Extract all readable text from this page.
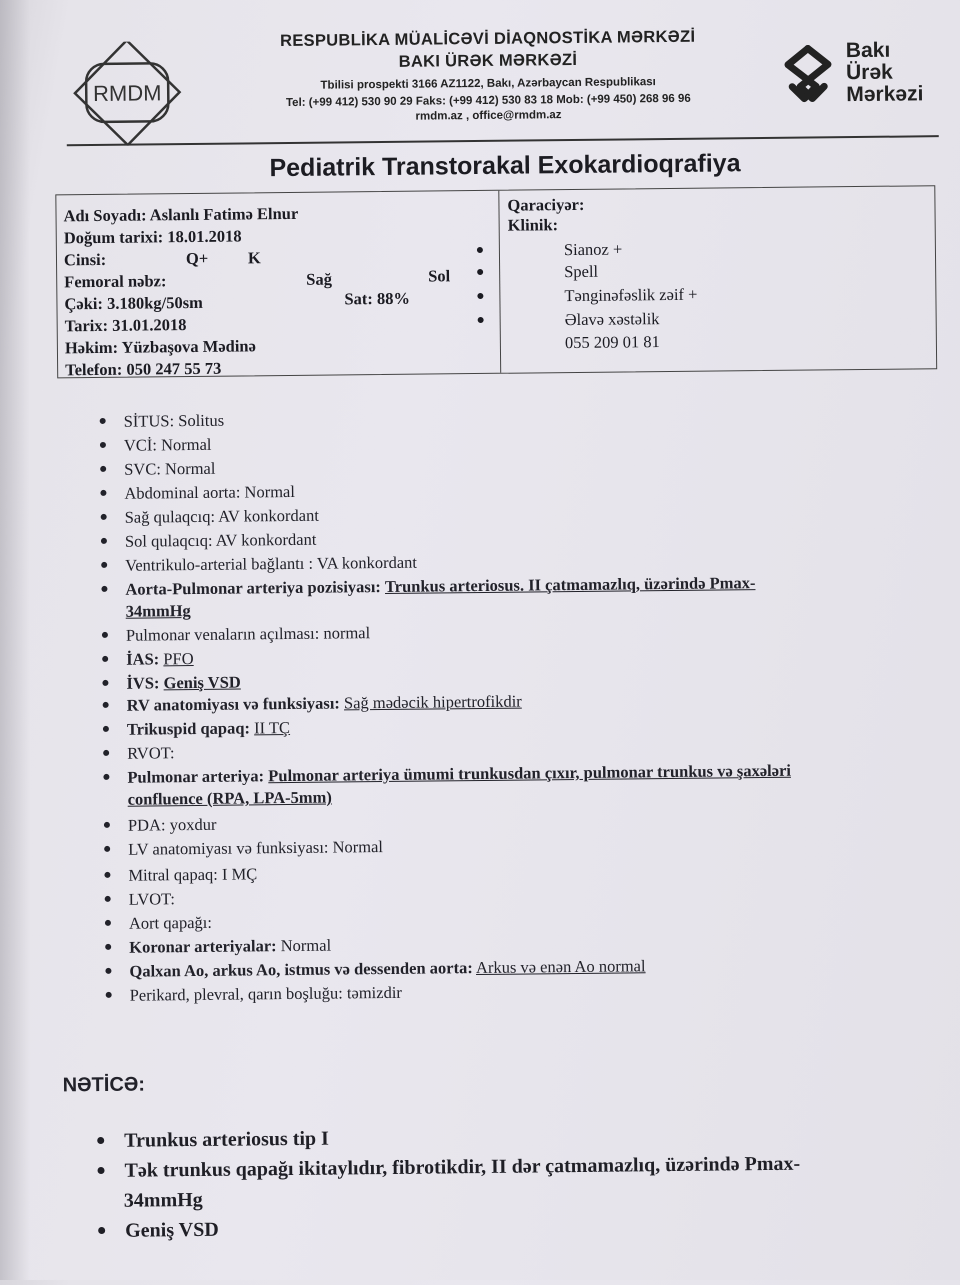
RMDM
RESPUBLİKA MÜALİCƏVİ DİAQNOSTİKA MƏRKƏZİ
BAKI ÜRƏK MƏRKƏZİ
Tbilisi prospekti 3166 AZ1122, Bakı, Azərbaycan Respublikası
Tel: (+99 412) 530 90 29 Faks: (+99 412) 530 83 18 Mob: (+99 450) 268 96 96
rmdm.az , office@rmdm.az
Bakı
Ürək
Mərkəzi
Pediatrik Transtorakal Exokardioqrafiya
Adı Soyadı: Aslanlı Fatimə Elnur
Doğum tarixi: 18.01.2018
Cinsi:	Q+ K
Femoral nəbz:	Sağ	Sol
Çəki: 3.180kg/50sm	Sat: 88%
Tarix: 31.01.2018
Həkim: Yüzbaşova Mədinə
Telefon: 050 247 55 73
Qaraciyər:
Klinik:
Sianoz +
Spell
Tənginəfəslik zəif +
Əlavə xəstəlik
055 209 01 81
SİTUS: Solitus
VCİ: Normal
SVC: Normal
Abdominal aorta: Normal
Sağ qulaqcıq: AV konkordant
Sol qulaqcıq: AV konkordant
Ventrikulo-arterial bağlantı : VA konkordant
Aorta-Pulmonar arteriya pozisiyası: Trunkus arteriosus. II çatmamazlıq, üzərində Pmax-
34mmHg
Pulmonar venaların açılması: normal
İAS: PFO
İVS: Geniş VSD
RV anatomiyası və funksiyası: Sağ mədəcik hipertrofikdir
Trikuspid qapaq: II TÇ
RVOT:
Pulmonar arteriya: Pulmonar arteriya ümumi trunkusdan çıxır, pulmonar trunkus və şaxələri
confluence (RPA, LPA-5mm)
PDA: yoxdur
LV anatomiyası və funksiyası: Normal
Mitral qapaq: I MÇ
LVOT:
Aort qapağı:
Koronar arteriyalar: Normal
Qalxan Ao, arkus Ao, istmus və dessenden aorta: Arkus və enən Ao normal
Perikard, plevral, qarın boşluğu: təmizdir
NƏTİCƏ:
Trunkus arteriosus tip I
Tək trunkus qapağı ikitaylıdır, fibrotikdir, II dər çatmamazlıq, üzərində Pmax-
34mmHg
Geniş VSD
